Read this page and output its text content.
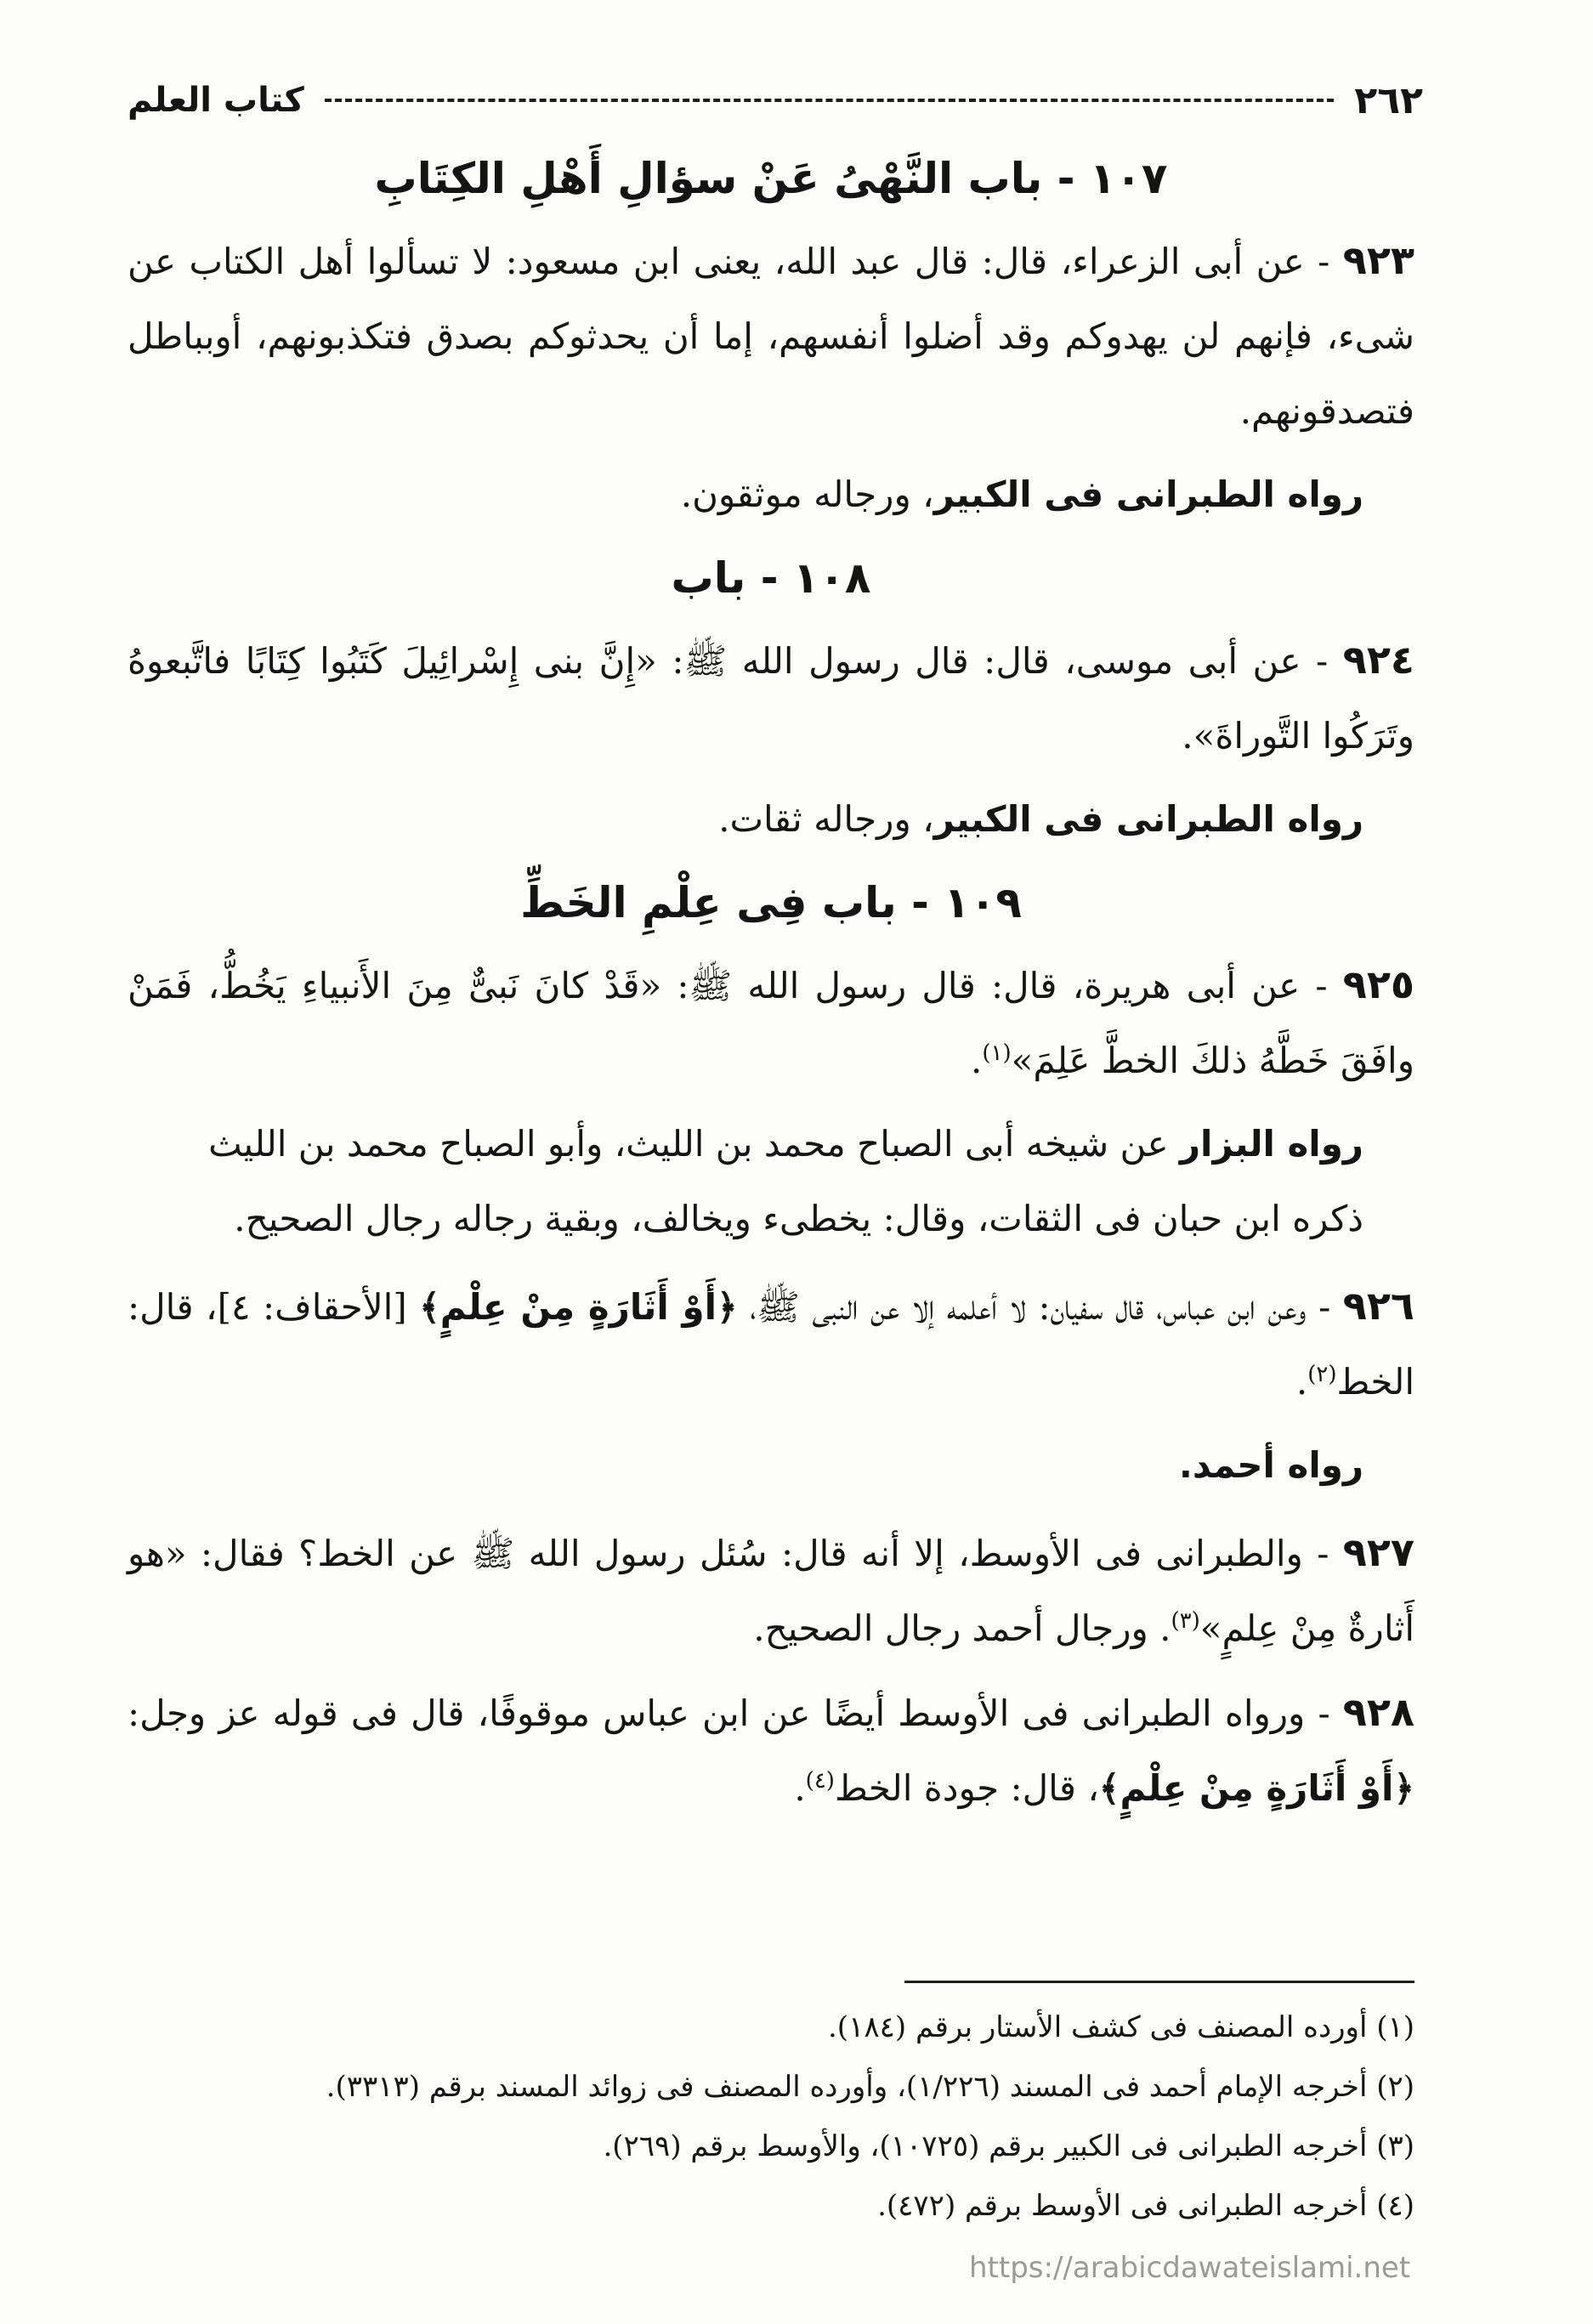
٢٦٢
كتاب العلم
١٠٧ - باب النَّهْىُ عَنْ سؤالِ أَهْلِ الكِتَابِ

٩٢٣ - عن أبى الزعراء، قال: قال عبد الله، يعنى ابن مسعود: لا تسألوا أهل الكتاب عن شىء، فإنهم لن يهدوكم وقد أضلوا أنفسهم، إما أن يحدثوكم بصدق فتكذبونهم، أوبباطل فتصدقونهم.

رواه الطبرانى فى الكبير، ورجاله موثقون.

١٠٨ - باب

٩٢٤ - عن أبى موسى، قال: قال رسول الله ﷺ: «إِنَّ بنى إِسْرائِيلَ كَتَبُوا كِتَابًا فاتَّبعوهُ وتَرَكُوا التَّوراةَ».

رواه الطبرانى فى الكبير، ورجاله ثقات.

١٠٩ - باب فِى عِلْمِ الخَطِّ

٩٢٥ - عن أبى هريرة، قال: قال رسول الله ﷺ: «قَدْ كانَ نَبىٌّ مِنَ الأَنبياءِ يَخُطُّ، فَمَنْ وافَقَ خَطَّهُ ذلكَ الخطَّ عَلِمَ»$^{(١)}$.

رواه البزار عن شيخه أبى الصباح محمد بن الليث، وأبو الصباح محمد بن الليث ذكره ابن حبان فى الثقات، وقال: يخطىء ويخالف، وبقية رجاله رجال الصحيح.

٩٢٦ - وعن ابن عباس، قال سفيان: لا أعلمه إلا عن النبى ﷺ، ﴿أَوْ أَثَارَةٍ مِنْ عِلْمٍ﴾ [الأحقاف: ٤]، قال: الخط$^{(٢)}$.

رواه أحمد.

٩٢٧ - والطبرانى فى الأوسط، إلا أنه قال: سُئل رسول الله ﷺ عن الخط؟ فقال: «هو أَثارةٌ مِنْ عِلمٍ»$^{(٣)}$. ورجال أحمد رجال الصحيح.

٩٢٨ - ورواه الطبرانى فى الأوسط أيضًا عن ابن عباس موقوفًا، قال فى قوله عز وجل: ﴿أَوْ أَثَارَةٍ مِنْ عِلْمٍ﴾، قال: جودة الخط$^{(٤)}$.

(١) أورده المصنف فى كشف الأستار برقم (١٨٤).
(٢) أخرجه الإمام أحمد فى المسند (١/٢٢٦)، وأورده المصنف فى زوائد المسند برقم (٣٣١٣).
(٣) أخرجه الطبرانى فى الكبير برقم (١٠٧٢٥)، والأوسط برقم (٢٦٩).
(٤) أخرجه الطبرانى فى الأوسط برقم (٤٧٢).
https://arabicdawateislami.net
